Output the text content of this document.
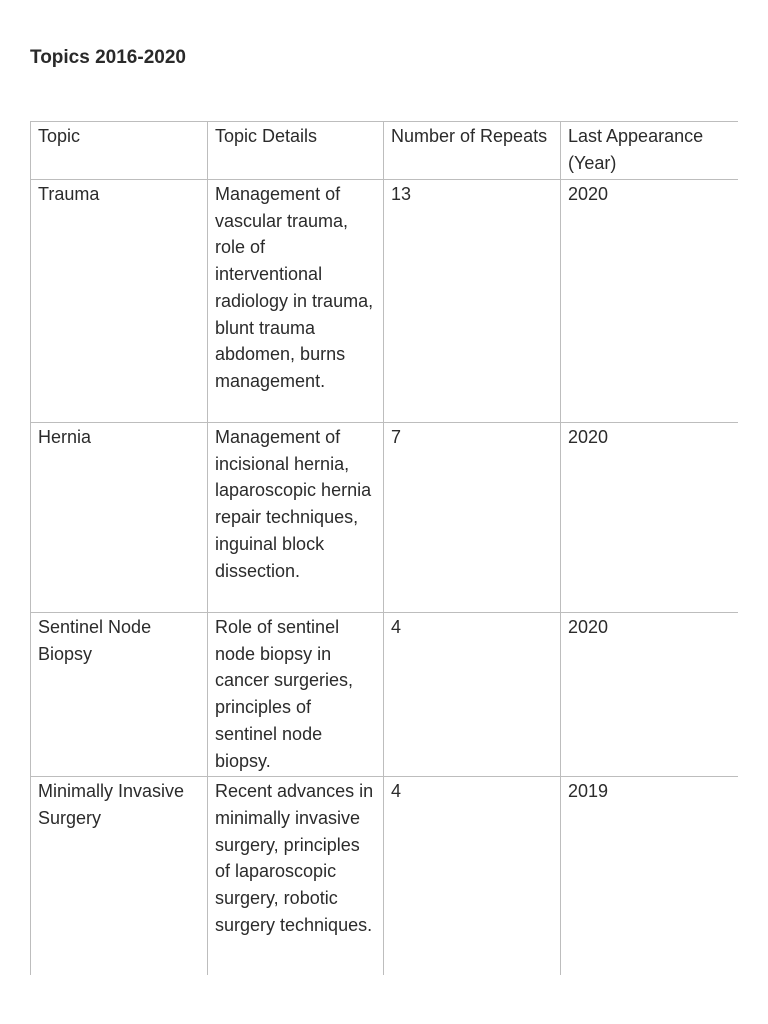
Topics 2016-2020
Topic	Topic Details	Number of Repeats	Last Appearance (Year)
Trauma	Management of vascular trauma, role of interventional radiology in trauma, blunt trauma abdomen, burns management.	13	2020
Hernia	Management of incisional hernia, laparoscopic hernia repair techniques, inguinal block dissection.	7	2020
Sentinel Node Biopsy	Role of sentinel node biopsy in cancer surgeries, principles of sentinel node biopsy.	4	2020
Minimally Invasive Surgery	Recent advances in minimally invasive surgery, principles of laparoscopic surgery, robotic surgery techniques.	4	2019
